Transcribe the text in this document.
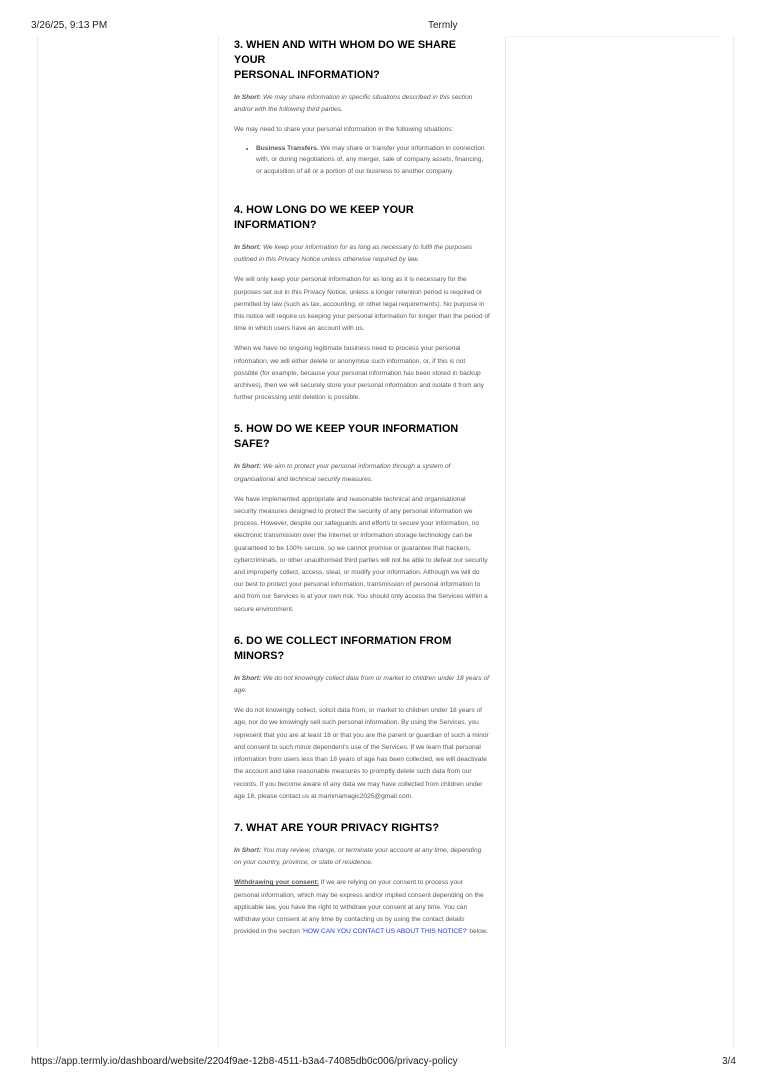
3/26/25, 9:13 PM	Termly
3. WHEN AND WITH WHOM DO WE SHARE YOUR
PERSONAL INFORMATION?

In Short: We may share information in specific situations described in this section and/or with the following third parties.

We may need to share your personal information in the following situations:

• Business Transfers. We may share or transfer your information in connection with, or during negotiations of, any merger, sale of company assets, financing, or acquisition of all or a portion of our business to another company.
4. HOW LONG DO WE KEEP YOUR INFORMATION?

In Short: We keep your information for as long as necessary to fulfil the purposes outlined in this Privacy Notice unless otherwise required by law.

We will only keep your personal information for as long as it is necessary for the purposes set out in this Privacy Notice, unless a longer retention period is required or permitted by law (such as tax, accounting, or other legal requirements). No purpose in this notice will require us keeping your personal information for longer than the period of time in which users have an account with us.

When we have no ongoing legitimate business need to process your personal information, we will either delete or anonymise such information, or, if this is not possible (for example, because your personal information has been stored in backup archives), then we will securely store your personal information and isolate it from any further processing until deletion is possible.

5. HOW DO WE KEEP YOUR INFORMATION SAFE?

In Short: We aim to protect your personal information through a system of organisational and technical security measures.

We have implemented appropriate and reasonable technical and organisational security measures designed to protect the security of any personal information we process. However, despite our safeguards and efforts to secure your information, no electronic transmission over the Internet or information storage technology can be guaranteed to be 100% secure, so we cannot promise or guarantee that hackers, cybercriminals, or other unauthorised third parties will not be able to defeat our security and improperly collect, access, steal, or modify your information. Although we will do our best to protect your personal information, transmission of personal information to and from our Services is at your own risk. You should only access the Services within a secure environment.

6. DO WE COLLECT INFORMATION FROM
MINORS?

In Short: We do not knowingly collect data from or market to children under 18 years of age.

We do not knowingly collect, solicit data from, or market to children under 18 years of age, nor do we knowingly sell such personal information. By using the Services, you represent that you are at least 18 or that you are the parent or guardian of such a minor and consent to such minor dependent's use of the Services. If we learn that personal information from users less than 18 years of age has been collected, we will deactivate the account and take reasonable measures to promptly delete such data from our records. If you become aware of any data we may have collected from children under age 18, please contact us at mammamagic2025@gmail.com.

7. WHAT ARE YOUR PRIVACY RIGHTS?

In Short: You may review, change, or terminate your account at any time, depending on your country, province, or state of residence.

Withdrawing your consent: If we are relying on your consent to process your personal information, which may be express and/or implied consent depending on the applicable law, you have the right to withdraw your consent at any time. You can withdraw your consent at any time by contacting us by using the contact details provided in the section 'HOW CAN YOU CONTACT US ABOUT THIS NOTICE?' below.

https://app.termly.io/dashboard/website/2204f9ae-12b8-4511-b3a4-74085db0c006/privacy-policy	3/4
